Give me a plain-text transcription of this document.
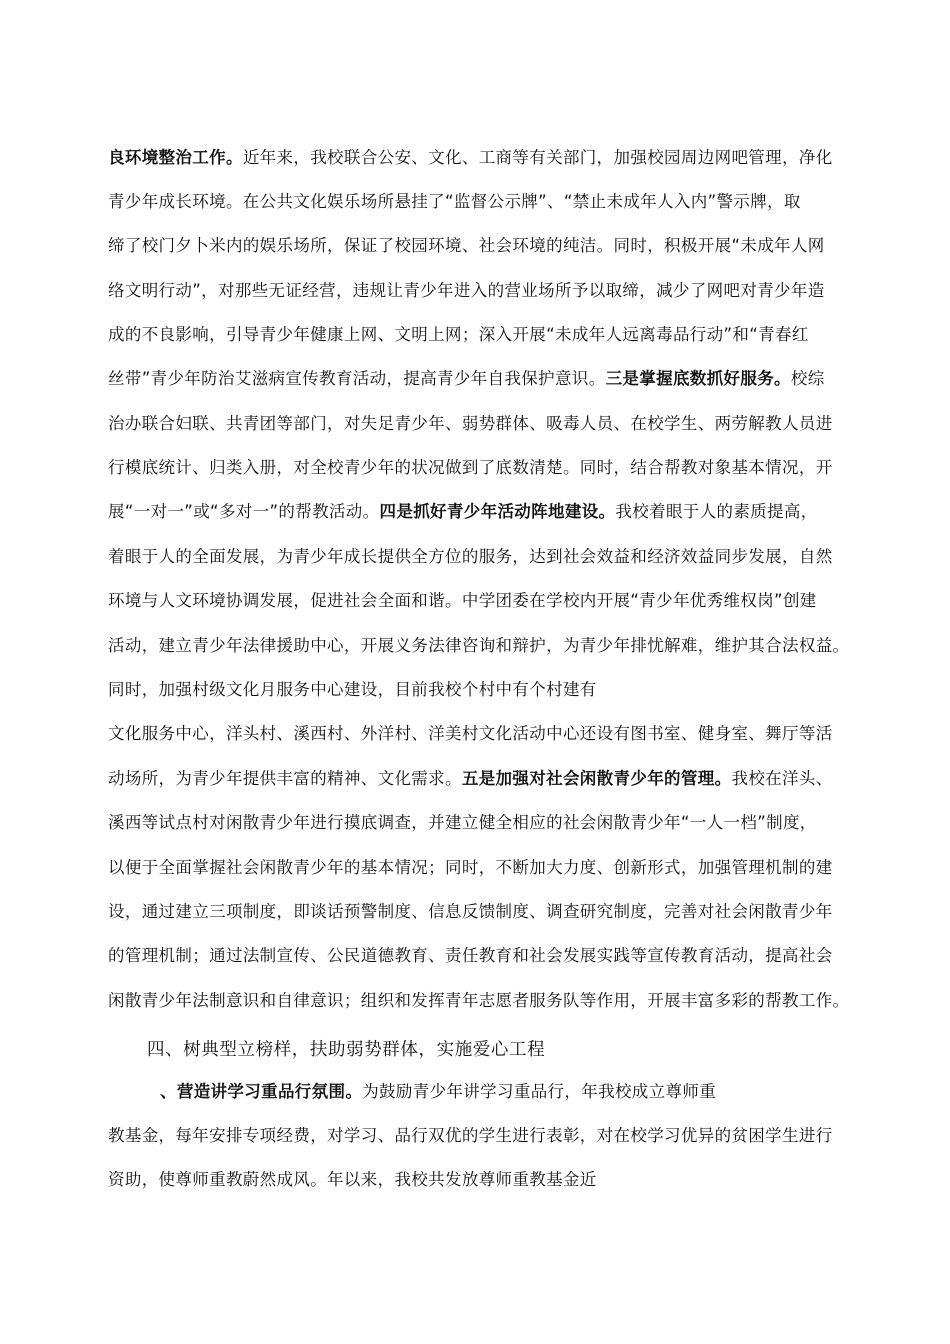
良环境整治工作。近年来，我校联合公安、文化、工商等有关部门，加强校园周边网吧管理，净化
青少年成长环境。在公共文化娱乐场所悬挂了“监督公示牌”、“禁止未成年人入内”警示牌，取
缔了校门夕卜米内的娱乐场所，保证了校园环境、社会环境的纯洁。同时，积极开展“未成年人网
络文明行动”，对那些无证经营，违规让青少年进入的营业场所予以取缔，减少了网吧对青少年造
成的不良影响，引导青少年健康上网、文明上网；深入开展“未成年人远离毒品行动”和“青春红
丝带”青少年防治艾滋病宣传教育活动，提高青少年自我保护意识。三是掌握底数抓好服务。校综
治办联合妇联、共青团等部门，对失足青少年、弱势群体、吸毒人员、在校学生、两劳解教人员进
行模底统计、归类入册，对全校青少年的状况做到了底数清楚。同时，结合帮教对象基本情况，开
展“一对一”或“多对一”的帮教活动。四是抓好青少年活动阵地建设。我校着眼于人的素质提高，
着眼于人的全面发展，为青少年成长提供全方位的服务，达到社会效益和经济效益同步发展，自然
环境与人文环境协调发展，促进社会全面和谐。中学团委在学校内开展“青少年优秀维权岗”创建
活动，建立青少年法律援助中心，开展义务法律咨询和辩护，为青少年排忧解难，维护其合法权益。
同时，加强村级文化月服务中心建设，目前我校个村中有个村建有
文化服务中心，洋头村、溪西村、外洋村、洋美村文化活动中心还设有图书室、健身室、舞厅等活
动场所，为青少年提供丰富的精神、文化需求。五是加强对社会闲散青少年的管理。我校在洋头、
溪西等试点村对闲散青少年进行摸底调查，并建立健全相应的社会闲散青少年“一人一档”制度，
以便于全面掌握社会闲散青少年的基本情况；同时，不断加大力度、创新形式，加强管理机制的建
设，通过建立三项制度，即谈话预警制度、信息反馈制度、调查研究制度，完善对社会闲散青少年
的管理机制；通过法制宣传、公民道德教育、责任教育和社会发展实践等宣传教育活动，提高社会
闲散青少年法制意识和自律意识；组织和发挥青年志愿者服务队等作用，开展丰富多彩的帮教工作。
四、树典型立榜样，扶助弱势群体，实施爱心工程
、营造讲学习重品行氛围。为鼓励青少年讲学习重品行，年我校成立尊师重
教基金，每年安排专项经费，对学习、品行双优的学生进行表彰，对在校学习优异的贫困学生进行
资助，使尊师重教蔚然成风。年以来，我校共发放尊师重教基金近
